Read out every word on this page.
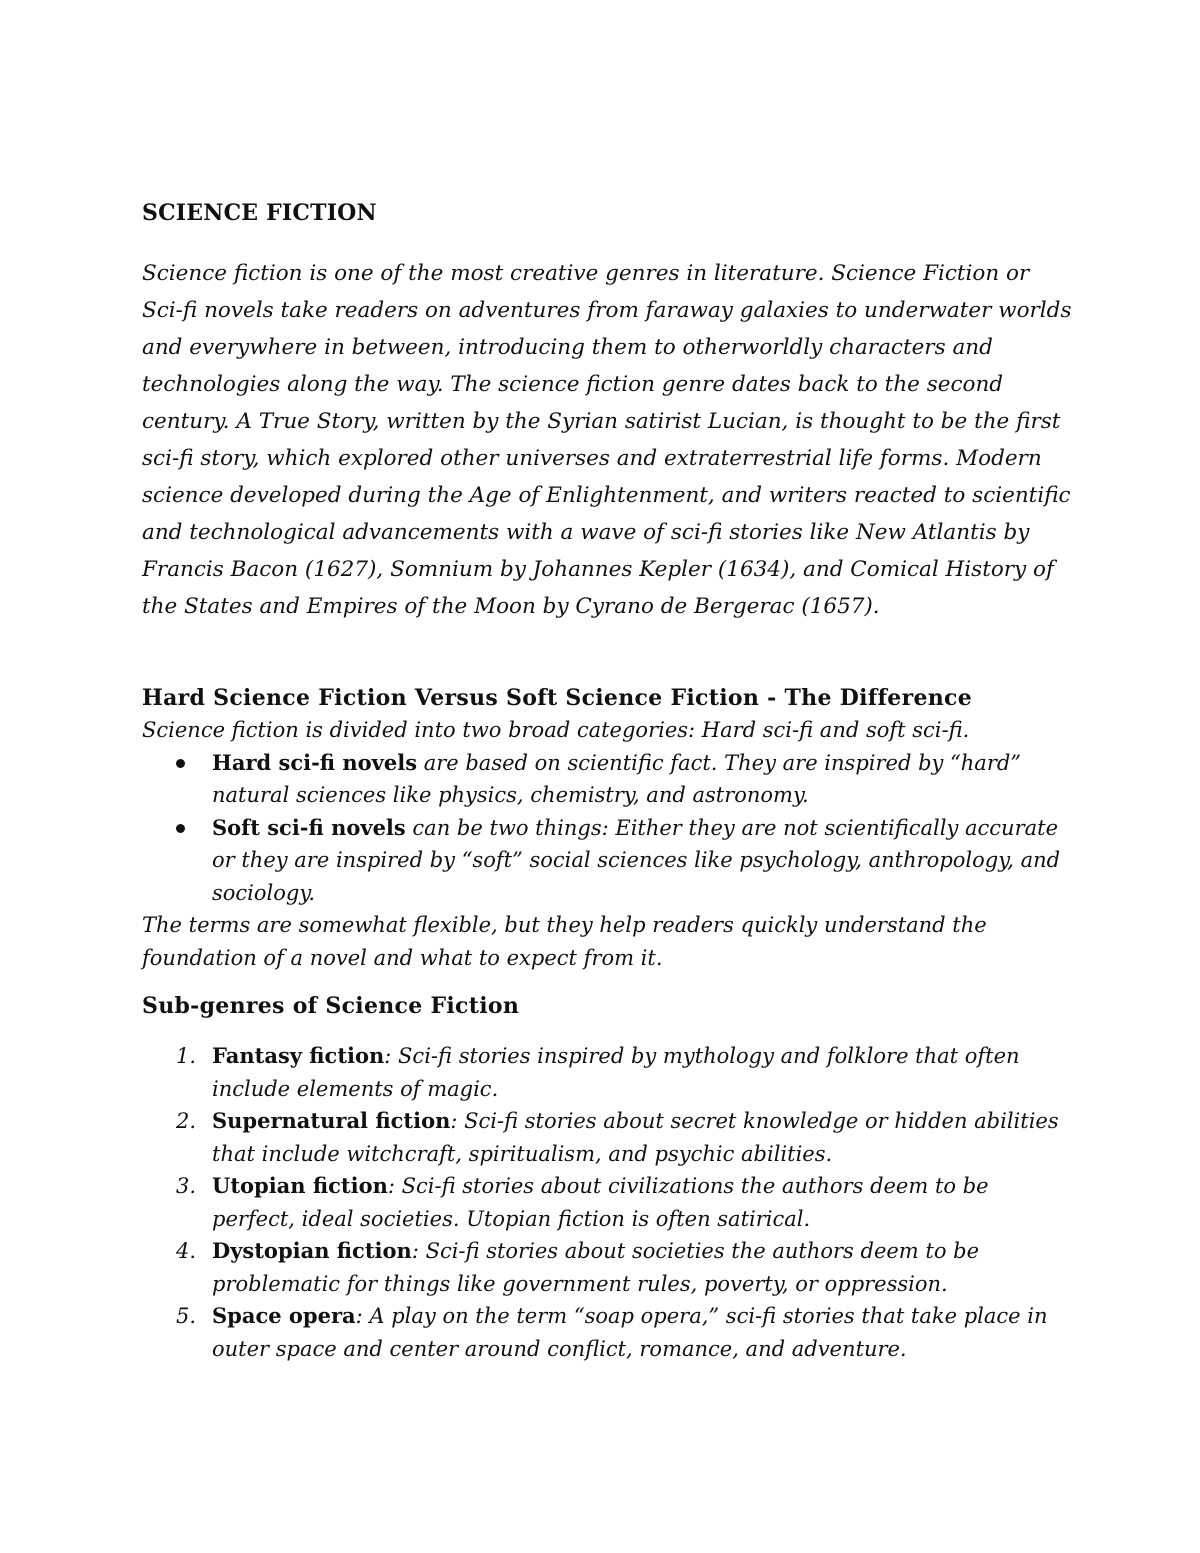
SCIENCE FICTION

Science fiction is one of the most creative genres in literature. Science Fiction or Sci-fi novels take readers on adventures from faraway galaxies to underwater worlds and everywhere in between, introducing them to otherworldly characters and technologies along the way. The science fiction genre dates back to the second century. A True Story, written by the Syrian satirist Lucian, is thought to be the first sci-fi story, which explored other universes and extraterrestrial life forms. Modern science developed during the Age of Enlightenment, and writers reacted to scientific and technological advancements with a wave of sci-fi stories like New Atlantis by Francis Bacon (1627), Somnium by Johannes Kepler (1634), and Comical History of the States and Empires of the Moon by Cyrano de Bergerac (1657).

Hard Science Fiction Versus Soft Science Fiction - The Difference

Science fiction is divided into two broad categories: Hard sci-fi and soft sci-fi.

Hard sci-fi novels are based on scientific fact. They are inspired by “hard” natural sciences like physics, chemistry, and astronomy.
Soft sci-fi novels can be two things: Either they are not scientifically accurate or they are inspired by “soft” social sciences like psychology, anthropology, and sociology.

The terms are somewhat flexible, but they help readers quickly understand the foundation of a novel and what to expect from it.

Sub-genres of Science Fiction
1. Fantasy fiction: Sci-fi stories inspired by mythology and folklore that often include elements of magic.
2. Supernatural fiction: Sci-fi stories about secret knowledge or hidden abilities that include witchcraft, spiritualism, and psychic abilities.
3. Utopian fiction: Sci-fi stories about civilizations the authors deem to be perfect, ideal societies. Utopian fiction is often satirical.
4. Dystopian fiction: Sci-fi stories about societies the authors deem to be problematic for things like government rules, poverty, or oppression.
5. Space opera: A play on the term “soap opera,” sci-fi stories that take place in outer space and center around conflict, romance, and adventure.
